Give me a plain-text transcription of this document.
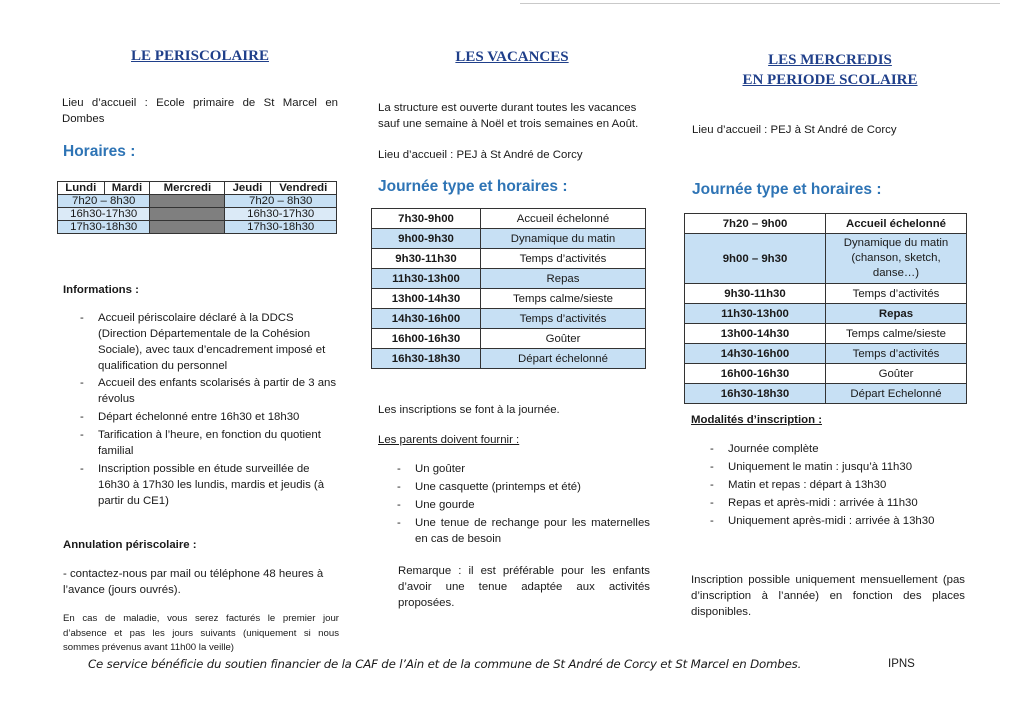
LE PERISCOLAIRE
Lieu d’accueil : Ecole primaire de St Marcel en Dombes
Horaires :
Lundi	Mardi	Mercredi	Jeudi	Vendredi
7h20 – 8h30			7h20 – 8h30	
16h30-17h30			16h30-17h30	
17h30-18h30			17h30-18h30	
Informations :
- Accueil périscolaire déclaré à la DDCS (Direction Départementale de la Cohésion Sociale), avec taux d’encadrement imposé et qualification du personnel
- Accueil des enfants scolarisés à partir de 3 ans révolus
- Départ échelonné entre 16h30 et 18h30
- Tarification à l’heure, en fonction du quotient familial
- Inscription possible en étude surveillée de 16h30 à 17h30 les lundis, mardis et jeudis (à partir du CE1)
Annulation périscolaire :
- contactez-nous par mail ou téléphone 48 heures à l’avance (jours ouvrés).
En cas de maladie, vous serez facturés le premier jour d’absence et pas les jours suivants (uniquement si nous sommes prévenus avant 11h00 la veille)
LES VACANCES
La structure est ouverte durant toutes les vacances sauf une semaine à Noël et trois semaines en Août.
Lieu d’accueil : PEJ à St André de Corcy
Journée type et horaires :
7h30-9h00	Accueil échelonné
9h00-9h30	Dynamique du matin
9h30-11h30	Temps d’activités
11h30-13h00	Repas
13h00-14h30	Temps calme/sieste
14h30-16h00	Temps d’activités
16h00-16h30	Goûter
16h30-18h30	Départ échelonné
Les inscriptions se font à la journée.
Les parents doivent fournir :
- Un goûter
- Une casquette (printemps et été)
- Une gourde
- Une tenue de rechange pour les maternelles en cas de besoin
Remarque : il est préférable pour les enfants d’avoir une tenue adaptée aux activités proposées.
LES MERCREDIS
EN PERIODE SCOLAIRE
Lieu d’accueil : PEJ à St André de Corcy
Journée type et horaires :
7h20 – 9h00	Accueil échelonné
9h00 – 9h30	Dynamique du matin (chanson, sketch, danse…)
9h30-11h30	Temps d’activités
11h30-13h00	Repas
13h00-14h30	Temps calme/sieste
14h30-16h00	Temps d’activités
16h00-16h30	Goûter
16h30-18h30	Départ Echelonné
Modalités d’inscription :
- Journée complète
- Uniquement le matin : jusqu’à 11h30
- Matin et repas : départ à 13h30
- Repas et après-midi : arrivée à 11h30
- Uniquement après-midi : arrivée à 13h30
Inscription possible uniquement mensuellement (pas d’inscription à l’année) en fonction des places disponibles.
Ce service bénéficie du soutien financier de la CAF de l’Ain et de la commune de St André de Corcy et St Marcel en Dombes.	IPNS
